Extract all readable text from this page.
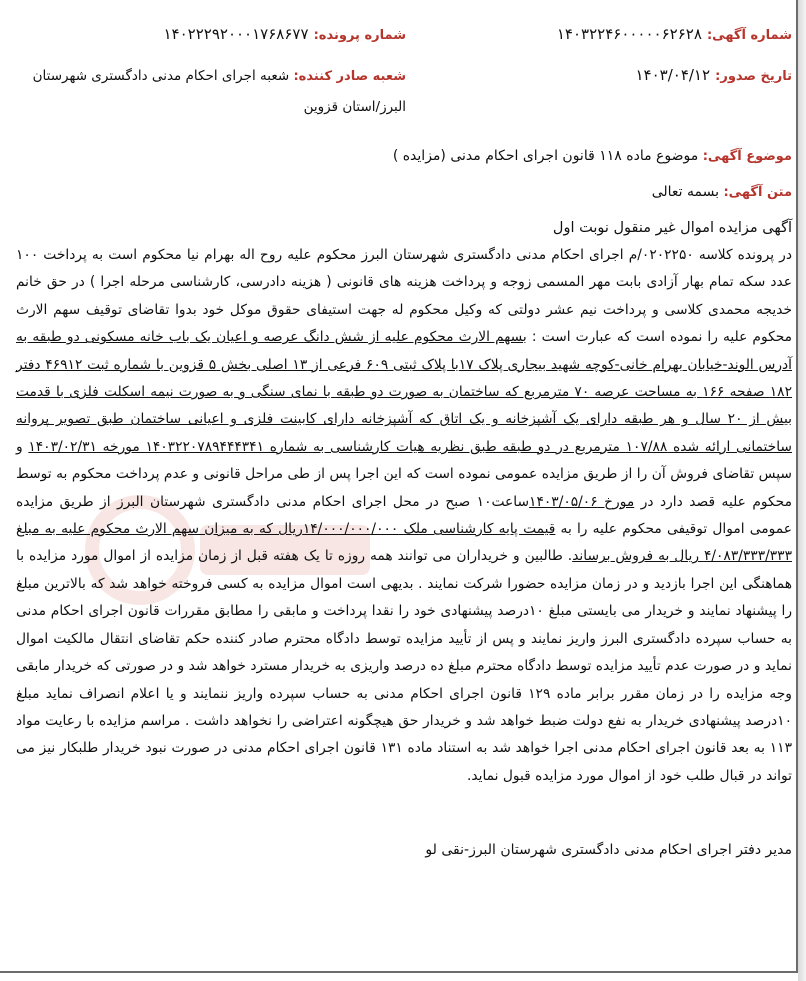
شماره آگهی: ۱۴۰۳۲۲۴۶۰۰۰۰۰۶۲۶۲۸
شماره پرونده: ۱۴۰۲۲۲۹۲۰۰۰۱۷۶۸۶۷۷
تاریخ صدور: ۱۴۰۳/۰۴/۱۲
شعبه صادر کننده: شعبه اجرای احکام مدنی دادگستری شهرستان البرز/استان قزوین
موضوع آگهی: موضوع ماده ۱۱۸ قانون اجرای احکام مدنی (مزایده )
متن آگهی: بسمه تعالی
آگهی مزایده اموال غیر منقول نوبت اول
در پرونده کلاسه ۰۲۰۲۲۵۰/م اجرای احکام مدنی دادگستری شهرستان البرز محکوم علیه روح اله بهرام نیا محکوم است به پرداخت ۱۰۰ عدد سکه تمام بهار آزادی بابت مهر المسمی زوجه و پرداخت هزینه های قانونی ( هزینه دادرسی، کارشناسی مرحله اجرا ) در حق خانم خدیجه محمدی کلاسی و پرداخت نیم عشر دولتی که وکیل محکوم له جهت استیفای حقوق موکل خود بدوا تقاضای توقیف سهم الارث محکوم علیه را نموده است که عبارت است : بسهم الارث محکوم علیه از شش دانگ عرصه و اعیان یک باب خانه مسکونی دو طبقه به آدرس الوند-خیابان بهرام خانی-کوچه شهید بیجاری پلاک ۱۷با پلاک ثبتی ۶۰۹ فرعی از ۱۳ اصلی بخش ۵ قزوین با شماره ثبت ۴۶۹۱۲ دفتر ۱۸۲ صفحه ۱۶۶ به مساحت عرصه ۷۰ مترمربع که ساختمان به صورت دو طبقه با نمای سنگی و به صورت نیمه اسکلت فلزی با قدمت بیش از ۲۰ سال و هر طبقه دارای یک آشپزخانه و یک اتاق که آشپزخانه دارای کابینت فلزی و اعیانی ساختمان طبق تصویر پروانه ساختمانی ارائه شده ۱۰۷/۸۸ مترمربع در دو طبقه طبق نظریه هیات کارشناسی به شماره ۱۴۰۳۲۲۰۷۸۹۴۴۴۳۴۱ مورخه ۱۴۰۳/۰۲/۳۱ و سپس تقاضای فروش آن را از طریق مزایده عمومی نموده است که این اجرا پس از طی مراحل قانونی و عدم پرداخت محکوم به توسط محکوم علیه قصد دارد در مورخ ۱۴۰۳/۰۵/۰۶ساعت۱۰ صبح در محل اجرای احکام مدنی دادگستری شهرستان البرز از طریق مزایده عمومی اموال توقیفی محکوم علیه را به قیمت پایه کارشناسی ملک ۱۴/۰۰۰/۰۰۰/۰۰۰ریال که به میزان سهم الارث محکوم علیه به مبلغ ۴/۰۸۳/۳۳۳/۳۳۳ ریال به فروش برساند. طالبین و خریداران می توانند همه روزه تا یک هفته قبل از زمان مزایده از اموال مورد مزایده با هماهنگی این اجرا بازدید و در زمان مزایده حضورا شرکت نمایند . بدیهی است اموال مزایده به کسی فروخته خواهد شد که بالاترین مبلغ را پیشنهاد نمایند و خریدار می بایستی مبلغ ۱۰درصد پیشنهادی خود را نقدا پرداخت و مابقی را مطابق مقررات قانون اجرای احکام مدنی به حساب سپرده دادگستری البرز واریز نمایند و پس از تأیید مزایده توسط دادگاه محترم صادر کننده حکم تقاضای انتقال مالکیت اموال نماید و در صورت عدم تأیید مزایده توسط دادگاه محترم مبلغ ده درصد واریزی به خریدار مسترد خواهد شد و در صورتی که خریدار مابقی وجه مزایده را در زمان مقرر برابر ماده ۱۲۹ قانون اجرای احکام مدنی به حساب سپرده واریز ننمایند و یا اعلام انصراف نماید مبلغ ۱۰درصد پیشنهادی خریدار به نفع دولت ضبط خواهد شد و خریدار حق هیچگونه اعتراضی را نخواهد داشت . مراسم مزایده با رعایت مواد ۱۱۳ به بعد قانون اجرای احکام مدنی اجرا خواهد شد به استناد ماده ۱۳۱ قانون اجرای احکام مدنی در صورت نبود خریدار طلبکار نیز می تواند در قبال طلب خود از اموال مورد مزایده قبول نماید.
مدیر دفتر اجرای احکام مدنی دادگستری شهرستان البرز-نقی لو
